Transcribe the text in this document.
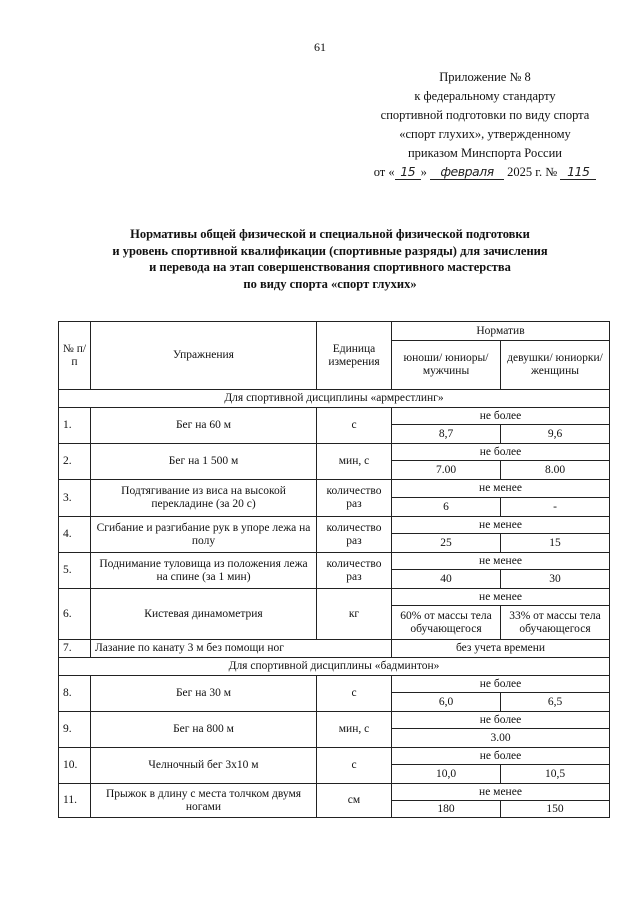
61
Приложение № 8
к федеральному стандарту
спортивной подготовки по виду спорта
«спорт глухих», утвержденному
приказом Минспорта России
от « 15 » февраля 2025 г. № 115
Нормативы общей физической и специальной физической подготовки
и уровень спортивной квалификации (спортивные разряды) для зачисления
и перевода на этап совершенствования спортивного мастерства
по виду спорта «спорт глухих»
№ п/п	Упражнения	Единица измерения	Норматив	
			юноши/ юниоры/ мужчины	девушки/ юниорки/ женщины
Для спортивной дисциплины «армрестлинг»				
1.	Бег на 60 м	с	не более	
			8,7	9,6
2.	Бег на 1 500 м	мин, с	не более	
			7.00	8.00
3.	Подтягивание из виса на высокой перекладине (за 20 с)	количество раз	не менее	
			6	-
4.	Сгибание и разгибание рук в упоре лежа на полу	количество раз	не менее	
			25	15
5.	Поднимание туловища из положения лежа на спине (за 1 мин)	количество раз	не менее	
			40	30
6.	Кистевая динамометрия	кг	не менее	
			60% от массы тела обучающегося	33% от массы тела обучающегося
7.	Лазание по канату 3 м без помощи ног		без учета времени	
Для спортивной дисциплины «бадминтон»				
8.	Бег на 30 м	с	не более	
			6,0	6,5
9.	Бег на 800 м	мин, с	не более	
			3.00	
10.	Челночный бег 3х10 м	с	не более	
			10,0	10,5
11.	Прыжок в длину с места толчком двумя ногами	см	не менее	
			180	150
